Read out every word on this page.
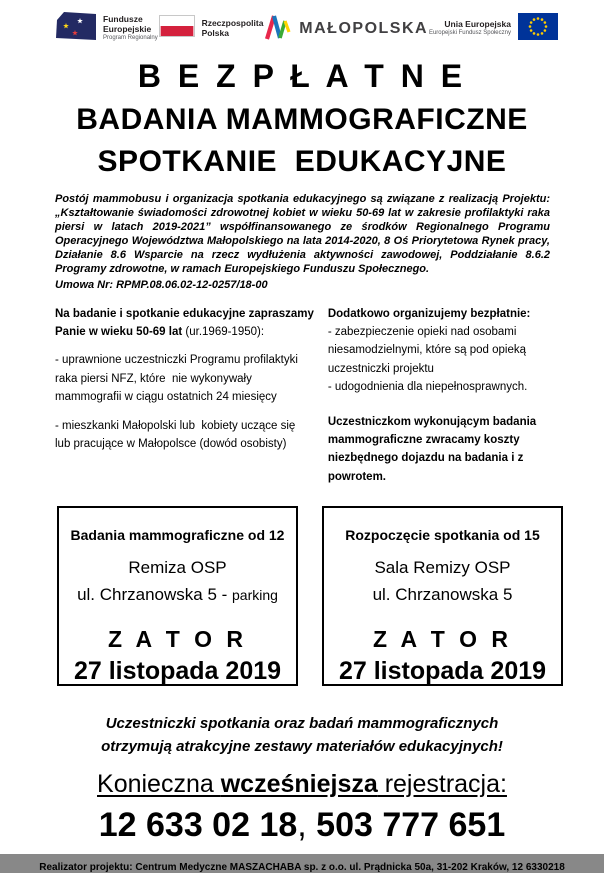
Fundusze
Europejskie
Program Regionalny
Rzeczpospolita
Polska	MAŁOPOLSKA	Unia Europejska
Europejski Fundusz Społeczny
B E Z P Ł A T N E
BADANIA MAMMOGRAFICZNE
SPOTKANIE  EDUKACYJNE
Postój mammobusu i organizacja spotkania edukacyjnego są związane z realizacją Projektu: „Kształtowanie świadomości zdrowotnej kobiet w wieku 50-69 lat w zakresie profilaktyki raka piersi w latach 2019-2021” współfinansowanego ze środków Regionalnego Programu Operacyjnego Województwa Małopolskiego na lata 2014-2020, 8 Oś Priorytetowa Rynek pracy, Działanie 8.6 Wsparcie na rzecz wydłużenia aktywności zawodowej, Poddziałanie 8.6.2 Programy zdrowotne, w ramach Europejskiego Funduszu Społecznego.
Umowa Nr: RPMP.08.06.02-12-0257/18-00

Na badanie i spotkanie edukacyjne zapraszamy Panie w wieku 50-69 lat (ur.1969-1950):

- uprawnione uczestniczki Programu profilaktyki raka piersi NFZ, które  nie wykonywały mammografii w ciągu ostatnich 24 miesięcy

- mieszkanki Małopolski lub  kobiety uczące się lub pracujące w Małopolsce (dowód osobisty)

Dodatkowo organizujemy bezpłatnie:
- zabezpieczenie opieki nad osobami niesamodzielnymi, które są pod opieką uczestniczki projektu
- udogodnienia dla niepełnosprawnych.

Uczestniczkom wykonującym badania mammograficzne zwracamy koszty niezbędnego dojazdu na badania i z powrotem.
Badania mammograficzne od 12
Remiza OSP
ul. Chrzanowska 5 - parking
Z A T O R
27 listopada 2019
Rozpoczęcie spotkania od 15
Sala Remizy OSP
ul. Chrzanowska 5
Z A T O R
27 listopada 2019
Uczestniczki spotkania oraz badań mammograficznych
otrzymują atrakcyjne zestawy materiałów edukacyjnych!
Konieczna wcześniejsza rejestracja:
12 633 02 18, 503 777 651
Realizator projektu: Centrum Medyczne MASZACHABA sp. z o.o. ul. Prądnicka 50a, 31-202 Kraków, 12 6330218
